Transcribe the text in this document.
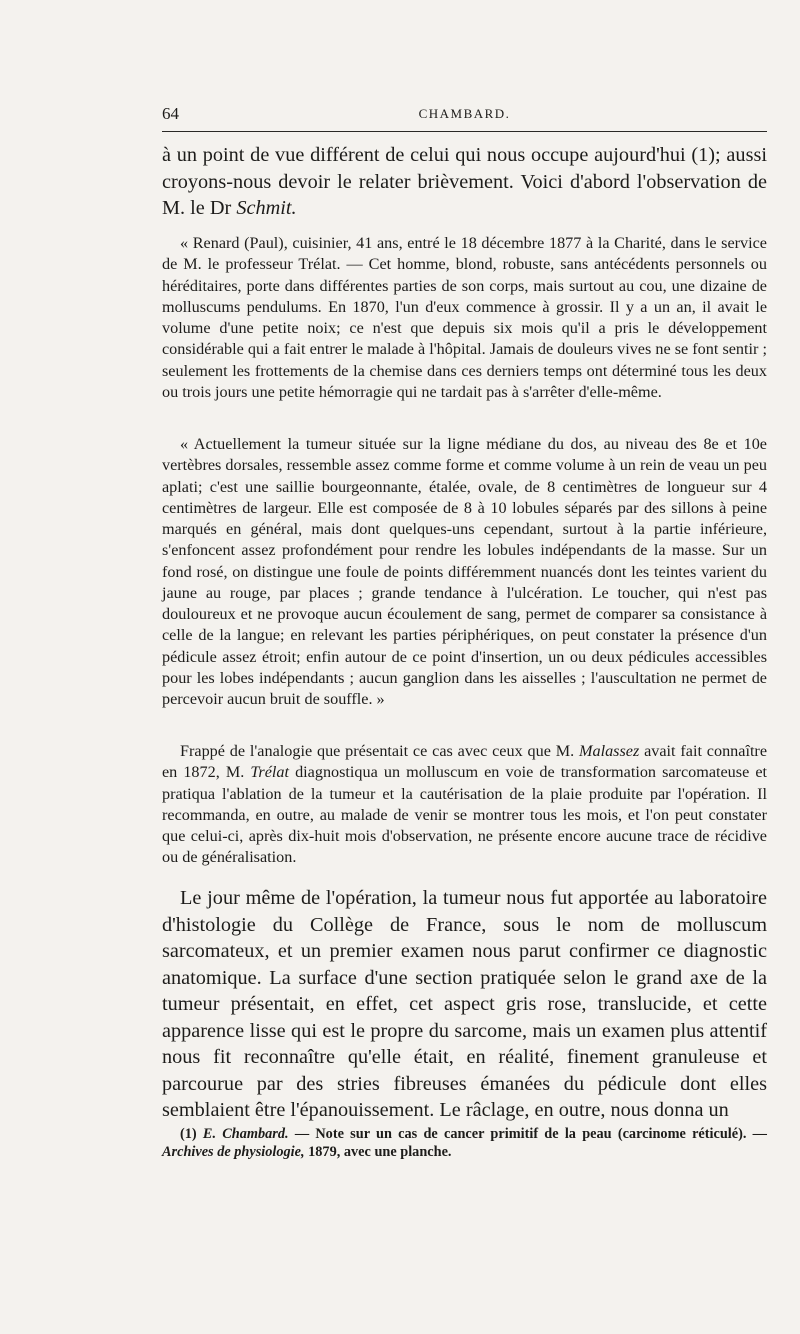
64	CHAMBARD.

à un point de vue différent de celui qui nous occupe aujourd'hui (1); aussi croyons-nous devoir le relater brièvement. Voici d'abord l'observation de M. le Dr Schmit.

« Renard (Paul), cuisinier, 41 ans, entré le 18 décembre 1877 à la Charité, dans le service de M. le professeur Trélat. — Cet homme, blond, robuste, sans antécédents personnels ou héréditaires, porte dans différentes parties de son corps, mais surtout au cou, une dizaine de molluscums pendulums. En 1870, l'un d'eux commence à grossir. Il y a un an, il avait le volume d'une petite noix; ce n'est que depuis six mois qu'il a pris le développement considérable qui a fait entrer le malade à l'hôpital. Jamais de douleurs vives ne se font sentir ; seulement les frottements de la chemise dans ces derniers temps ont déterminé tous les deux ou trois jours une petite hémorragie qui ne tardait pas à s'arrêter d'elle-même.

« Actuellement la tumeur située sur la ligne médiane du dos, au niveau des 8e et 10e vertèbres dorsales, ressemble assez comme forme et comme volume à un rein de veau un peu aplati; c'est une saillie bourgeonnante, étalée, ovale, de 8 centimètres de longueur sur 4 centimètres de largeur. Elle est composée de 8 à 10 lobules séparés par des sillons à peine marqués en général, mais dont quelques-uns cependant, surtout à la partie inférieure, s'enfoncent assez profondément pour rendre les lobules indépendants de la masse. Sur un fond rosé, on distingue une foule de points différemment nuancés dont les teintes varient du jaune au rouge, par places ; grande tendance à l'ulcération. Le toucher, qui n'est pas douloureux et ne provoque aucun écoulement de sang, permet de comparer sa consistance à celle de la langue; en relevant les parties périphériques, on peut constater la présence d'un pédicule assez étroit; enfin autour de ce point d'insertion, un ou deux pédicules accessibles pour les lobes indépendants ; aucun ganglion dans les aisselles ; l'auscultation ne permet de percevoir aucun bruit de souffle. »

Frappé de l'analogie que présentait ce cas avec ceux que M. Malassez avait fait connaître en 1872, M. Trélat diagnostiqua un molluscum en voie de transformation sarcomateuse et pratiqua l'ablation de la tumeur et la cautérisation de la plaie produite par l'opération. Il recommanda, en outre, au malade de venir se montrer tous les mois, et l'on peut constater que celui-ci, après dix-huit mois d'observation, ne présente encore aucune trace de récidive ou de généralisation.

Le jour même de l'opération, la tumeur nous fut apportée au laboratoire d'histologie du Collège de France, sous le nom de molluscum sarcomateux, et un premier examen nous parut confirmer ce diagnostic anatomique. La surface d'une section pratiquée selon le grand axe de la tumeur présentait, en effet, cet aspect gris rose, translucide, et cette apparence lisse qui est le propre du sarcome, mais un examen plus attentif nous fit reconnaître qu'elle était, en réalité, finement granuleuse et parcourue par des stries fibreuses émanées du pédicule dont elles semblaient être l'épanouissement. Le râclage, en outre, nous donna un

(1) E. Chambard. — Note sur un cas de cancer primitif de la peau (carcinome réticulé). —Archives de physiologie, 1879, avec une planche.
